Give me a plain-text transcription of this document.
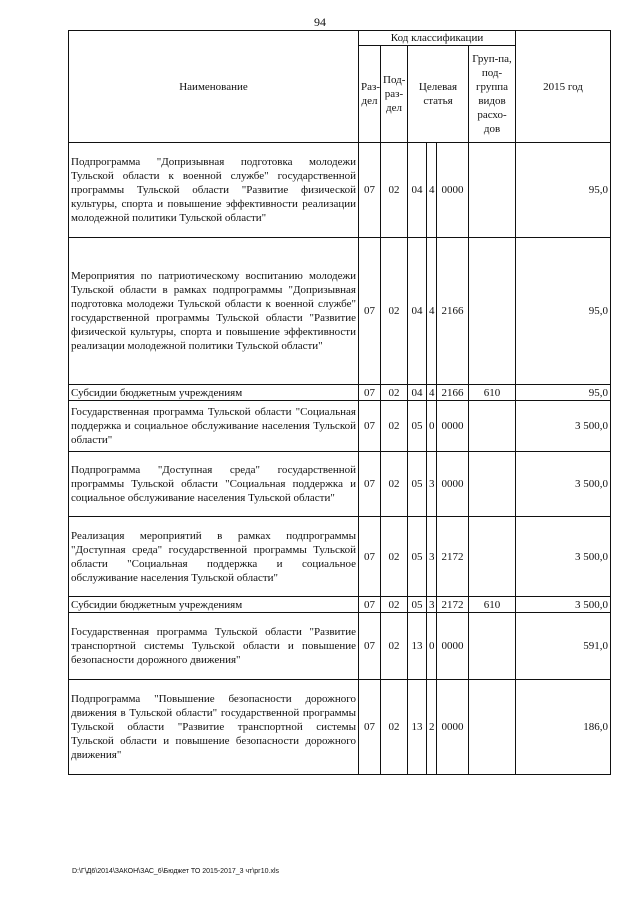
94
Наименование	Код классификации						2015 год
	Раз-дел	Под-раз-дел	Целевая статья			Груп-па, под-группа видов расхо-дов	
Подпрограмма "Допризывная подготовка молодежи Тульской области к военной службе" государственной программы Тульской области "Развитие физической культуры, спорта и повышение эффективности реализации молодежной политики Тульской области"	07	02	04	4	0000		95,0
Мероприятия по патриотическому воспитанию молодежи Тульской области в рамках подпрограммы "Допризывная подготовка молодежи Тульской области к военной службе" государственной программы Тульской области "Развитие физической культуры, спорта и повышение эффективности реализации молодежной политики Тульской области"	07	02	04	4	2166		95,0
Субсидии бюджетным учреждениям	07	02	04	4	2166	610	95,0
Государственная программа Тульской области "Социальная поддержка и социальное обслуживание населения Тульской области"	07	02	05	0	0000		3 500,0
Подпрограмма "Доступная среда" государственной программы Тульской области "Социальная поддержка и социальное обслуживание населения Тульской области"	07	02	05	3	0000		3 500,0
Реализация мероприятий в рамках подпрограммы "Доступная среда" государственной программы Тульской области "Социальная поддержка и социальное обслуживание населения Тульской области"	07	02	05	3	2172		3 500,0
Субсидии бюджетным учреждениям	07	02	05	3	2172	610	3 500,0
Государственная программа Тульской области "Развитие транспортной системы Тульской области и повышение безопасности дорожного движения"	07	02	13	0	0000		591,0
Подпрограмма "Повышение безопасности дорожного движения в Тульской области" государственной программы Тульской области "Развитие транспортной системы Тульской области и повышение безопасности дорожного движения"	07	02	13	2	0000		186,0
D:\Г\Д6\2014\ЗАКОН\ЗАС_6\Бюджет ТО 2015-2017_3 чт\рг10.xls
